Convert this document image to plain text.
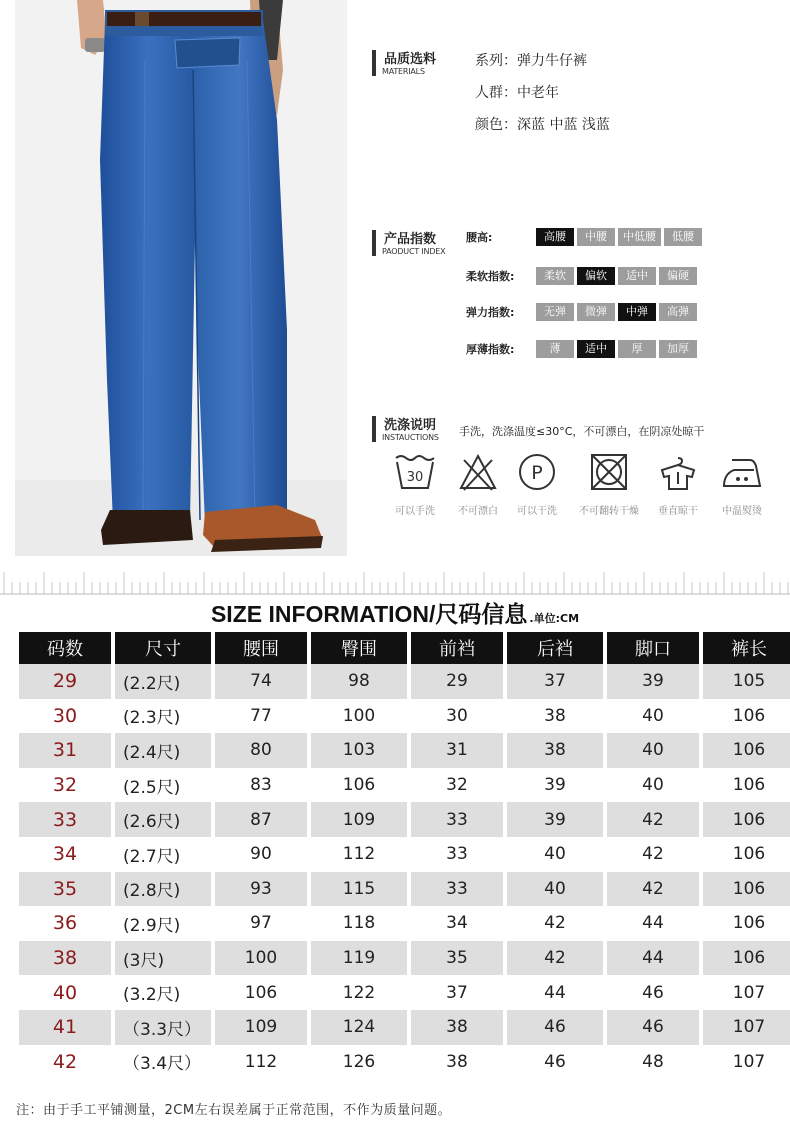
品质选料
MATERIALS
系列：弹力牛仔裤
人群：中老年
颜色：深蓝 中蓝 浅蓝
产品指数
PAODUCT INDEX
腰高:	高腰	中腰	中低腰	低腰
柔软指数:	柔软	偏软	适中	偏硬
弹力指数:	无弹	微弹	中弹	高弹
厚薄指数:	薄	适中	厚	加厚
洗涤说明
INSTAUCTIONS 手洗，洗涤温度≤30°C，不可漂白，在阴凉处晾干
30
可以手洗	不可漂白
P
可以干洗	不可翻转干燥	垂直晾干	中温熨烫
SIZE INFORMATION/尺码信息 .单位:CM
码数	尺寸	腰围	臀围	前裆	后裆	脚口	裤长
29	(2.2尺)	74	98	29	37	39	105
30	(2.3尺)	77	100	30	38	40	106
31	(2.4尺)	80	103	31	38	40	106
32	(2.5尺)	83	106	32	39	40	106
33	(2.6尺)	87	109	33	39	42	106
34	(2.7尺)	90	112	33	40	42	106
35	(2.8尺)	93	115	33	40	42	106
36	(2.9尺)	97	118	34	42	44	106
38	(3尺)	100	119	35	42	44	106
40	(3.2尺)	106	122	37	44	46	107
41	（3.3尺）	109	124	38	46	46	107
42	（3.4尺）	112	126	38	46	48	107
注：由于手工平铺测量，2CM左右误差属于正常范围，不作为质量问题。
